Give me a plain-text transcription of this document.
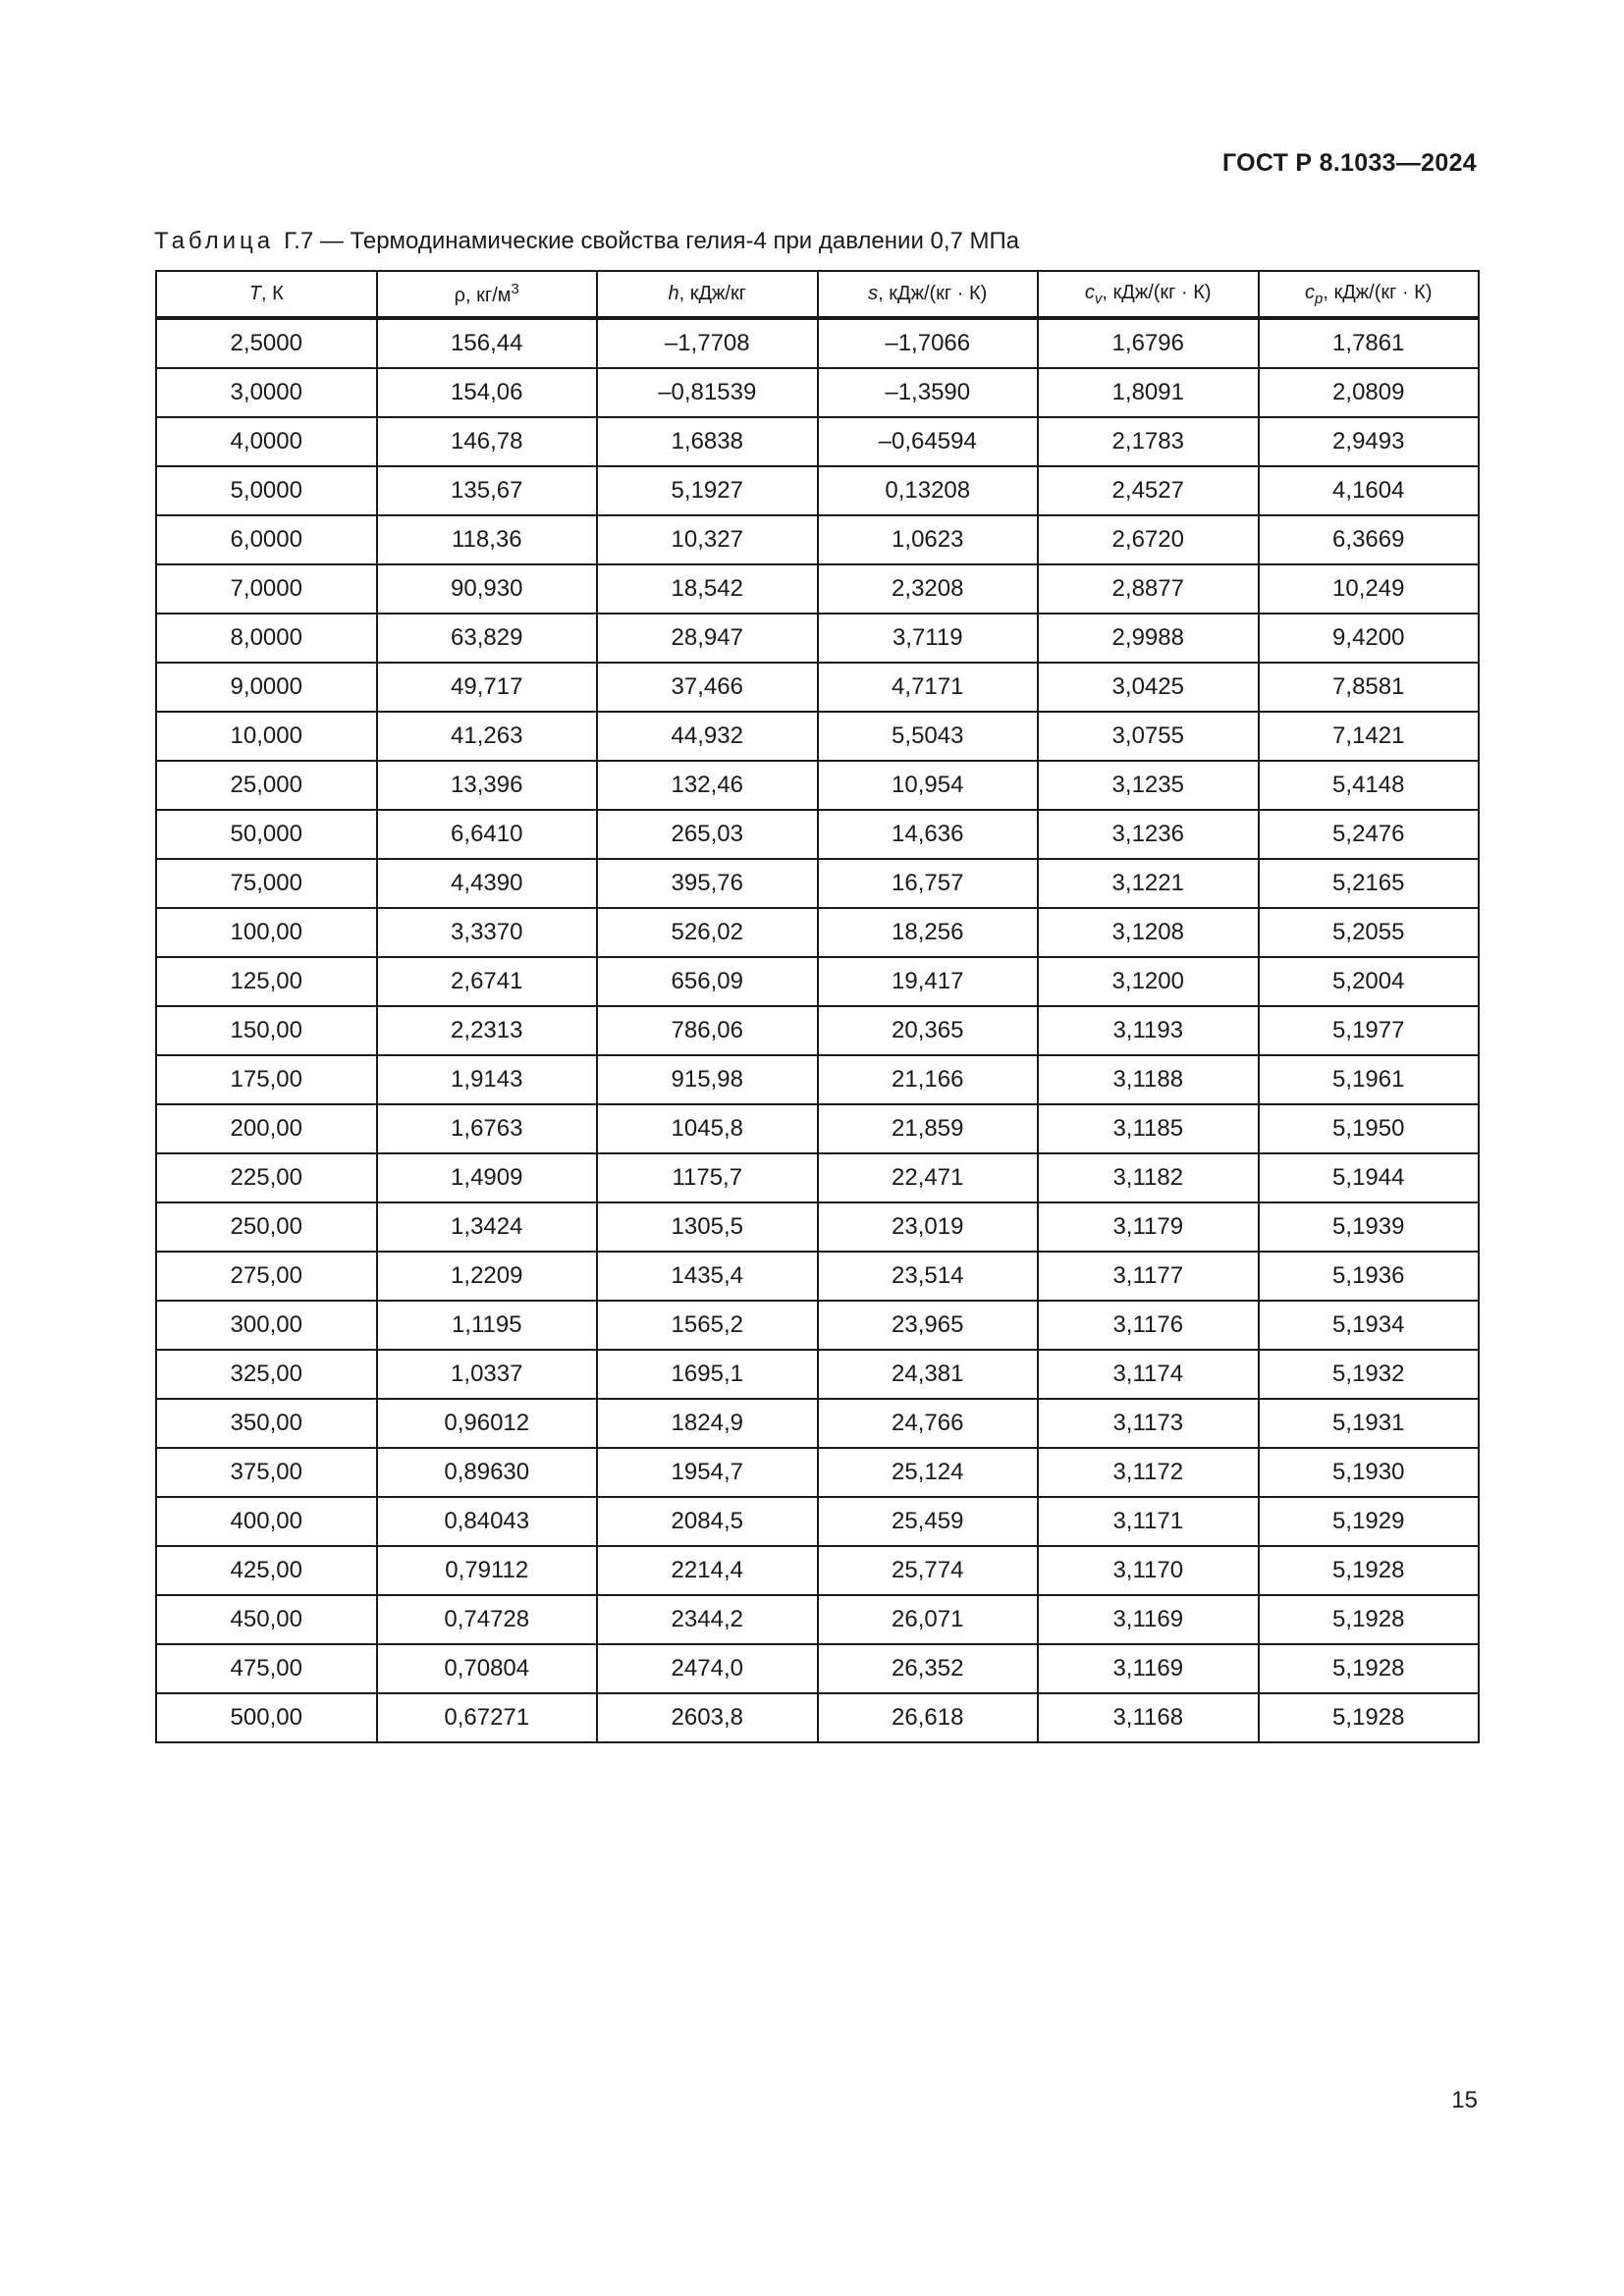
ГОСТ Р 8.1033—2024
Таблица Г.7 — Термодинамические свойства гелия-4 при давлении 0,7 МПа
T, К	ρ, $кг/м^3$	h, кДж/кг	s, кДж/(кг · К)	$c_v$, кДж/(кг · К)	$c_p$, кДж/(кг · К)
2,5000	156,44	–1,7708	–1,7066	1,6796	1,7861
3,0000	154,06	–0,81539	–1,3590	1,8091	2,0809
4,0000	146,78	1,6838	–0,64594	2,1783	2,9493
5,0000	135,67	5,1927	0,13208	2,4527	4,1604
6,0000	118,36	10,327	1,0623	2,6720	6,3669
7,0000	90,930	18,542	2,3208	2,8877	10,249
8,0000	63,829	28,947	3,7119	2,9988	9,4200
9,0000	49,717	37,466	4,7171	3,0425	7,8581
10,000	41,263	44,932	5,5043	3,0755	7,1421
25,000	13,396	132,46	10,954	3,1235	5,4148
50,000	6,6410	265,03	14,636	3,1236	5,2476
75,000	4,4390	395,76	16,757	3,1221	5,2165
100,00	3,3370	526,02	18,256	3,1208	5,2055
125,00	2,6741	656,09	19,417	3,1200	5,2004
150,00	2,2313	786,06	20,365	3,1193	5,1977
175,00	1,9143	915,98	21,166	3,1188	5,1961
200,00	1,6763	1045,8	21,859	3,1185	5,1950
225,00	1,4909	1175,7	22,471	3,1182	5,1944
250,00	1,3424	1305,5	23,019	3,1179	5,1939
275,00	1,2209	1435,4	23,514	3,1177	5,1936
300,00	1,1195	1565,2	23,965	3,1176	5,1934
325,00	1,0337	1695,1	24,381	3,1174	5,1932
350,00	0,96012	1824,9	24,766	3,1173	5,1931
375,00	0,89630	1954,7	25,124	3,1172	5,1930
400,00	0,84043	2084,5	25,459	3,1171	5,1929
425,00	0,79112	2214,4	25,774	3,1170	5,1928
450,00	0,74728	2344,2	26,071	3,1169	5,1928
475,00	0,70804	2474,0	26,352	3,1169	5,1928
500,00	0,67271	2603,8	26,618	3,1168	5,1928
15
